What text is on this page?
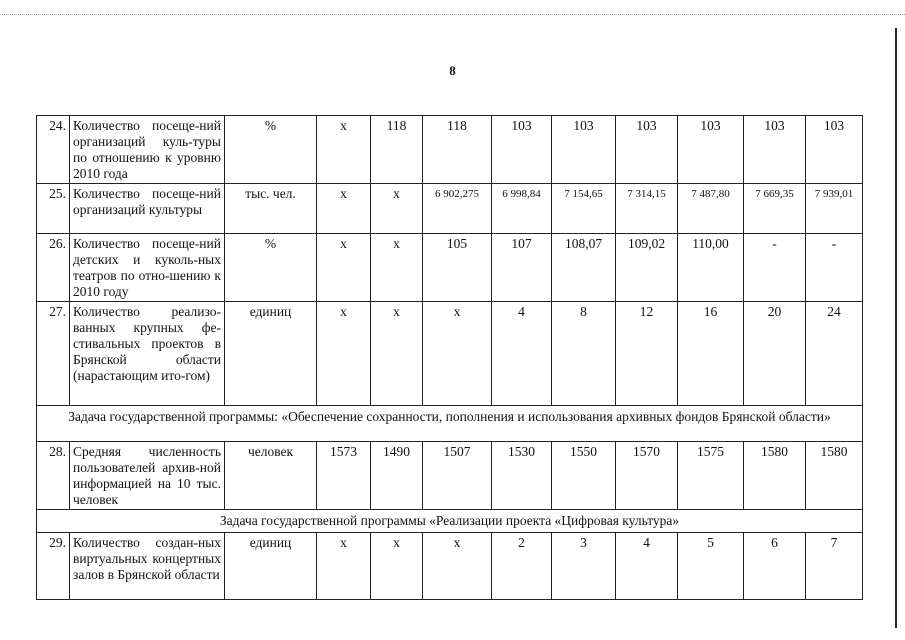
8
24.	Количество посеще-ний организаций куль-туры по отношению к уровню 2010 года	%	x	118	118	103	103	103	103	103	103
25.	Количество посеще-ний организаций культуры	тыс. чел.	x	x	6 902,275	6 998,84	7 154,65	7 314,15	7 487,80	7 669,35	7 939,01
26.	Количество посеще-ний детских и куколь-ных театров по отно-шению к 2010 году	%	x	x	105	107	108,07	109,02	110,00	-	-
27.	Количество реализо-ванных крупных фе-стивальных проектов в Брянской области (нарастающим ито-гом)	единиц	x	x	x	4	8	12	16	20	24
Задача государственной программы: «Обеспечение сохранности, пополнения и использования архивных фондов Брянской области»											
28.	Средняя численность пользователей архив-ной информацией на 10 тыс. человек	человек	1573	1490	1507	1530	1550	1570	1575	1580	1580
Задача государственной программы «Реализации проекта «Цифровая культура»											
29.	Количество создан-ных виртуальных концертных залов в Брянской области	единиц	x	x	x	2	3	4	5	6	7
